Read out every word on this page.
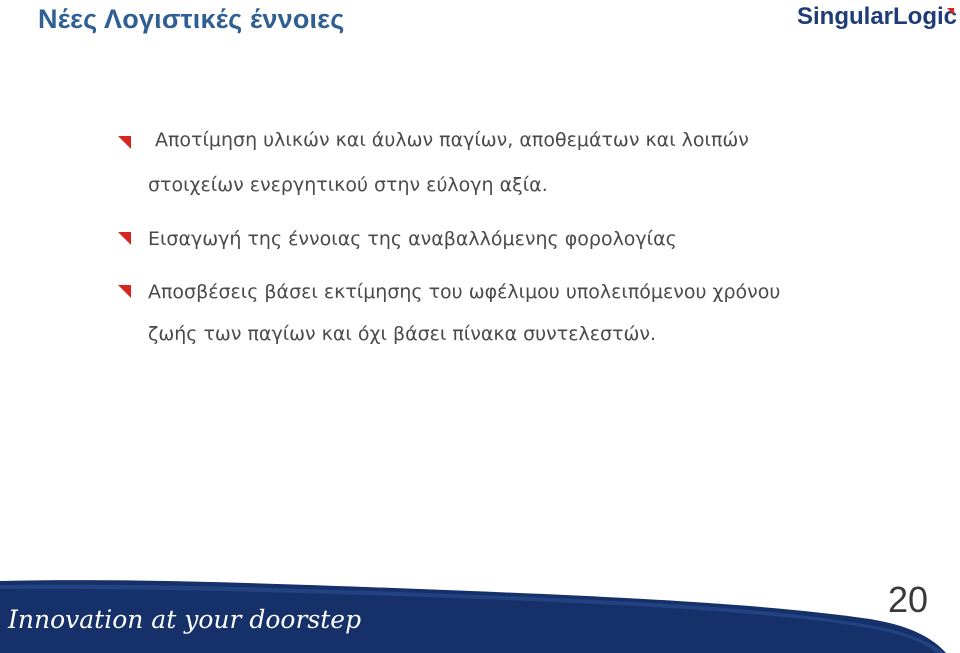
Νέες Λογιστικές έννοιες	SingularLogic
Αποτίμηση υλικών και άυλων παγίων, αποθεμάτων και λοιπών
στοιχείων ενεργητικού στην εύλογη αξία.
Εισαγωγή της έννοιας της αναβαλλόμενης φορολογίας
Αποσβέσεις βάσει εκτίμησης του ωφέλιμου υπολειπόμενου χρόνου
ζωής των παγίων και όχι βάσει πίνακα συντελεστών.
Innovation at your doorstep	20
